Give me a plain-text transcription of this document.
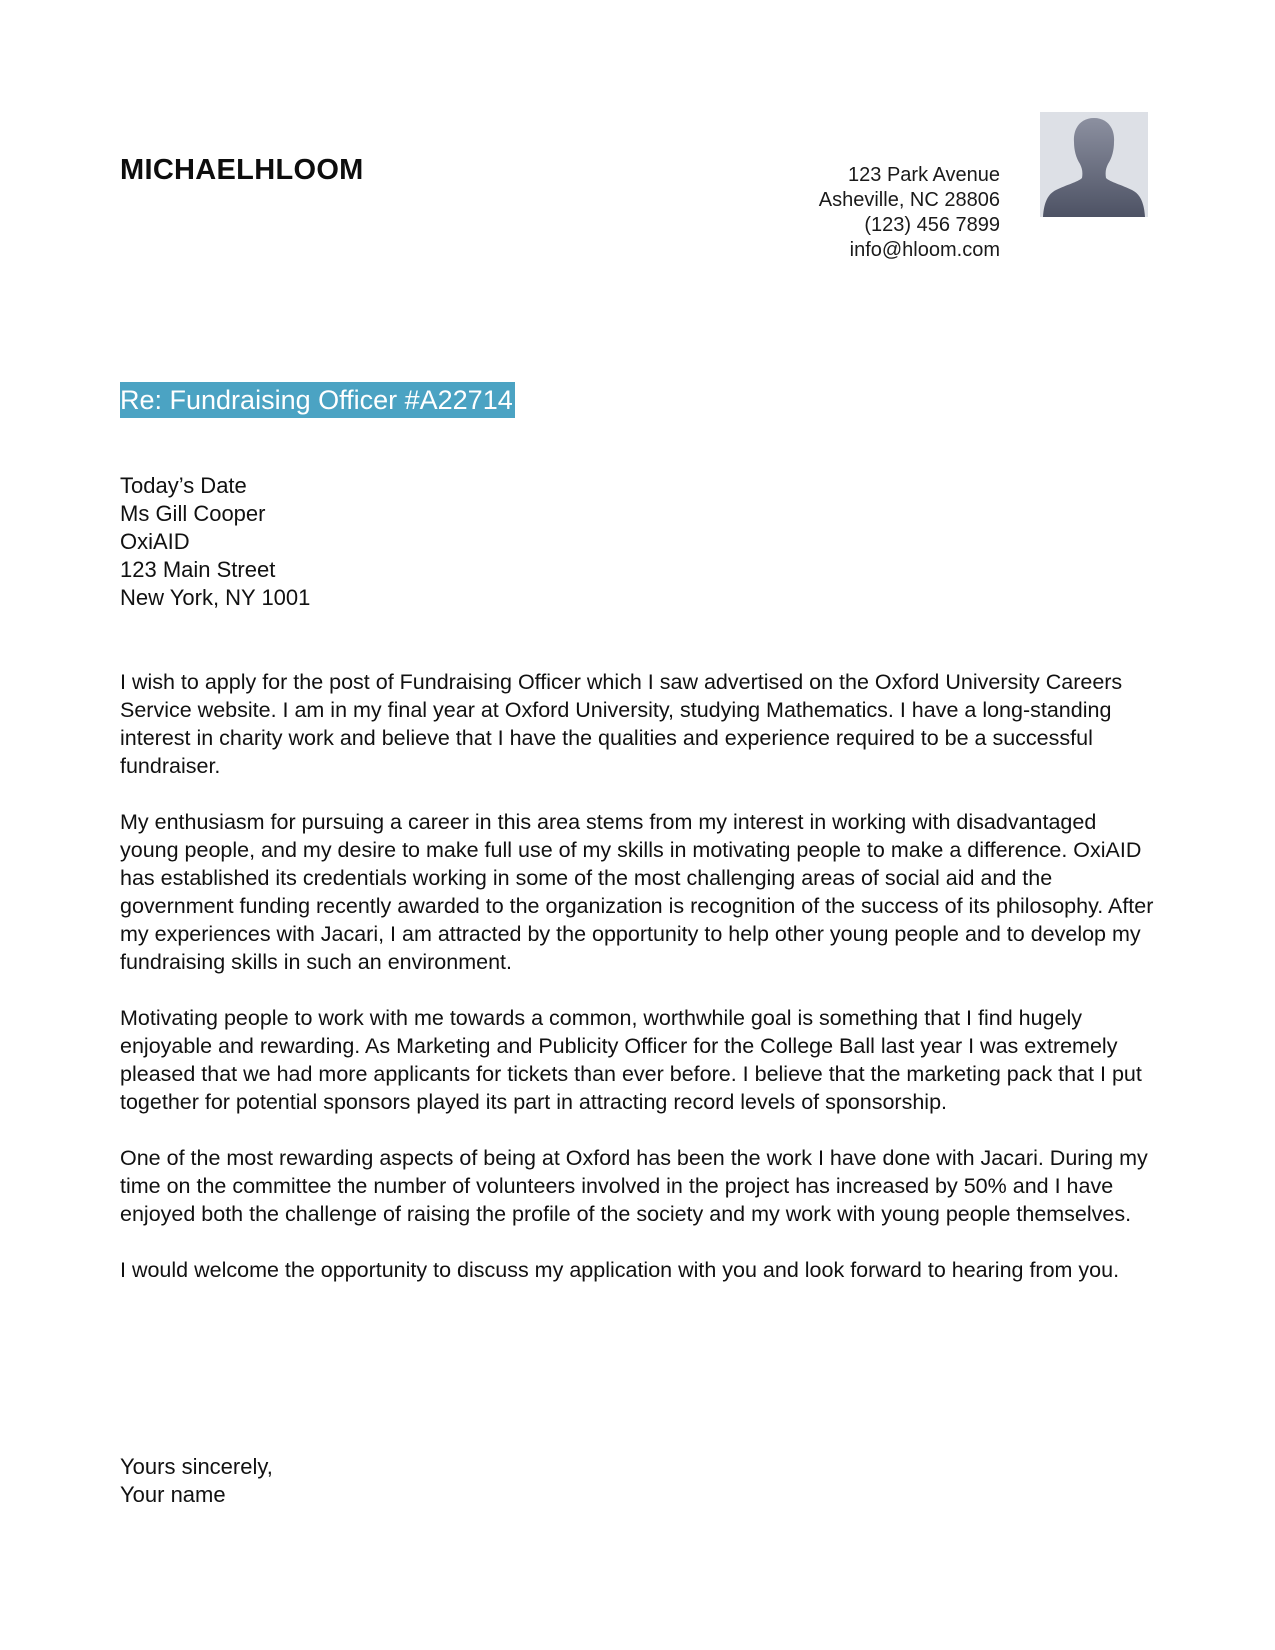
MICHAELHLOOM	123 Park Avenue
Asheville, NC 28806
(123) 456 7899
info@hloom.com
Re: Fundraising Officer #A22714
Today’s Date
Ms Gill Cooper
OxiAID
123 Main Street
New York, NY 1001

I wish to apply for the post of Fundraising Officer which I saw advertised on the Oxford University Careers Service website. I am in my final year at Oxford University, studying Mathematics. I have a long-standing interest in charity work and believe that I have the qualities and experience required to be a successful fundraiser.

My enthusiasm for pursuing a career in this area stems from my interest in working with disadvantaged young people, and my desire to make full use of my skills in motivating people to make a difference. OxiAID has established its credentials working in some of the most challenging areas of social aid and the government funding recently awarded to the organization is recognition of the success of its philosophy. After my experiences with Jacari, I am attracted by the opportunity to help other young people and to develop my fundraising skills in such an environment.

Motivating people to work with me towards a common, worthwhile goal is something that I find hugely enjoyable and rewarding. As Marketing and Publicity Officer for the College Ball last year I was extremely pleased that we had more applicants for tickets than ever before. I believe that the marketing pack that I put together for potential sponsors played its part in attracting record levels of sponsorship.

One of the most rewarding aspects of being at Oxford has been the work I have done with Jacari. During my time on the committee the number of volunteers involved in the project has increased by 50% and I have enjoyed both the challenge of raising the profile of the society and my work with young people themselves.

I would welcome the opportunity to discuss my application with you and look forward to hearing from you.

Yours sincerely,
Your name
